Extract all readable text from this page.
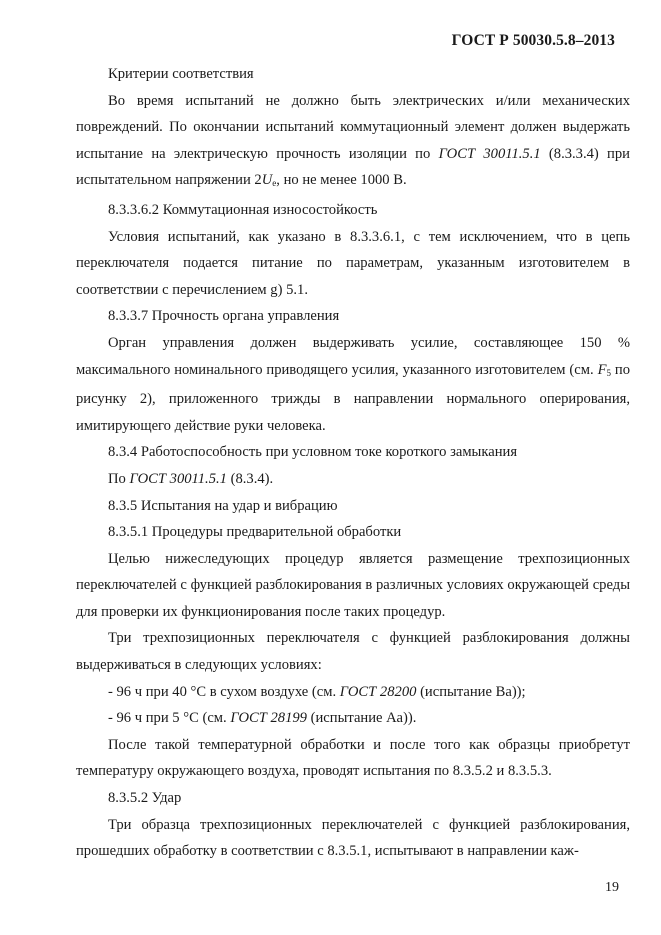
ГОСТ Р 50030.5.8–2013

Критерии соответствия

Во время испытаний не должно быть электрических и/или механических повреждений. По окончании испытаний коммутационный элемент должен выдержать испытание на электрическую прочность изоляции по ГОСТ 30011.5.1 (8.3.3.4) при испытательном напряжении $2U_e$, но не менее 1000 В.

8.3.3.6.2 Коммутационная износостойкость

Условия испытаний, как указано в 8.3.3.6.1, с тем исключением, что в цепь переключателя подается питание по параметрам, указанным изготовителем в соответствии с перечислением g) 5.1.

8.3.3.7 Прочность органа управления

Орган управления должен выдерживать усилие, составляющее 150 % максимального номинального приводящего усилия, указанного изготовителем (см. $F_5$ по рисунку 2), приложенного трижды в направлении нормального оперирования, имитирующего действие руки человека.

8.3.4 Работоспособность при условном токе короткого замыкания

По ГОСТ 30011.5.1 (8.3.4).

8.3.5 Испытания на удар и вибрацию

8.3.5.1 Процедуры предварительной обработки

Целью нижеследующих процедур является размещение трехпозиционных переключателей с функцией разблокирования в различных условиях окружающей среды для проверки их функционирования после таких процедур.

Три трехпозиционных переключателя с функцией разблокирования должны выдерживаться в следующих условиях:

- 96 ч при 40 °С в сухом воздухе (см. ГОСТ 28200 (испытание Ва));

- 96 ч при 5 °С (см. ГОСТ 28199 (испытание Аа)).

После такой температурной обработки и после того как образцы приобретут температуру окружающего воздуха, проводят испытания по 8.3.5.2 и 8.3.5.3.

8.3.5.2 Удар

Три образца трехпозиционных переключателей с функцией разблокирования, прошедших обработку в соответствии с 8.3.5.1, испытывают в направлении каж-

19
